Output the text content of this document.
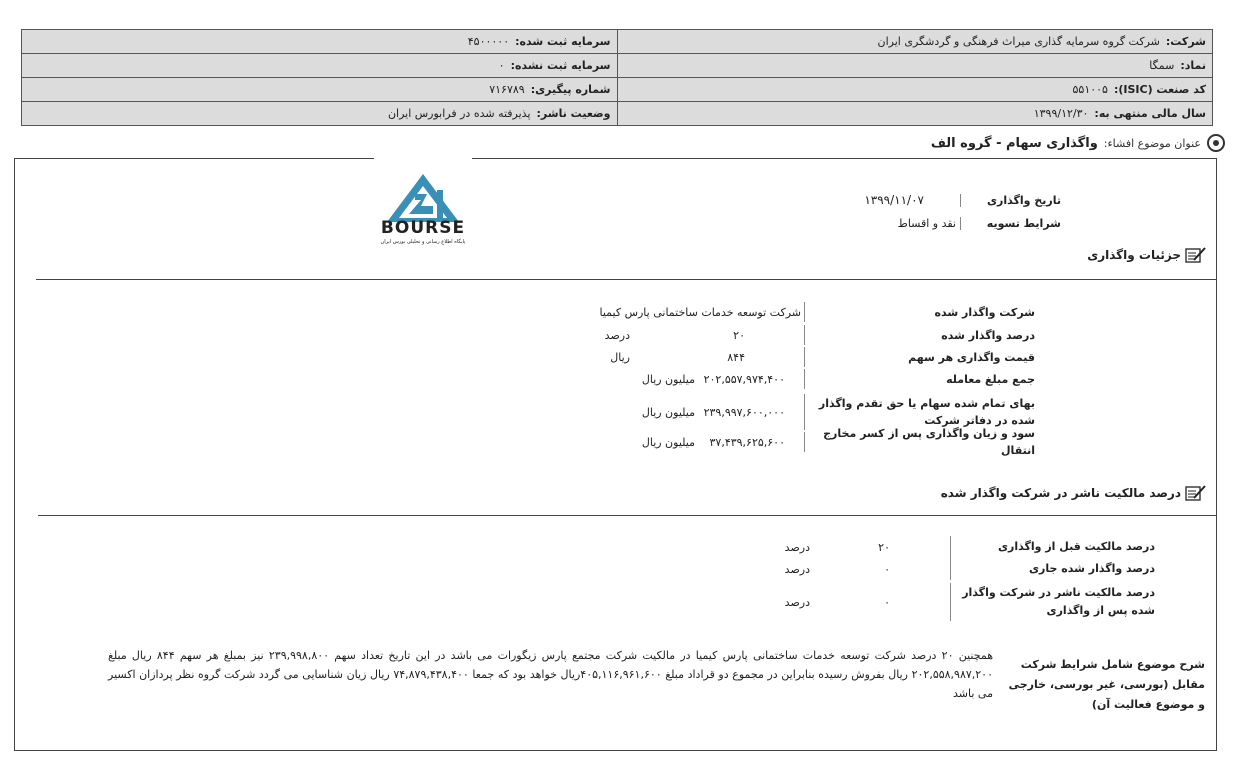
شرکت:
شرکت گروه سرمایه گذاری میراث فرهنگی و گردشگری ایران
سرمایه ثبت شده:
۴۵۰۰۰۰۰
نماد:
سمگا
سرمایه ثبت نشده:
۰
کد صنعت (ISIC):
۵۵۱۰۰۵
شماره پیگیری:
۷۱۶۷۸۹
سال مالی منتهی به:
۱۳۹۹/۱۲/۳۰
وضعیت ناشر:
پذیرفته شده در فرابورس ایران
عنوان موضوع افشاء:
واگذاری سهام - گروه الف
BOURSE
پایگاه اطلاع رسانی و تحلیلی بورس ایران
تاریخ واگذاری
۱۳۹۹/۱۱/۰۷
شرایط تسویه
نقد و اقساط
جزئیات واگذاری
شرکت واگذار شده
شرکت توسعه خدمات ساختمانی پارس کیمیا
درصد واگذار شده
۲۰
درصد
قیمت واگذاری هر سهم
۸۴۴
ریال
جمع مبلغ معامله
۲۰۲,۵۵۷,۹۷۴,۴۰۰
میلیون ریال
بهای تمام شده سهام یا حق تقدم واگذار شده در دفاتر شرکت
۲۳۹,۹۹۷,۶۰۰,۰۰۰
میلیون ریال
سود و زیان واگذاری پس از کسر مخارج انتقال
۳۷,۴۳۹,۶۲۵,۶۰۰
میلیون ریال
درصد مالکیت ناشر در شرکت واگذار شده
درصد مالکیت قبل از واگذاری
۲۰
درصد
درصد واگذار شده جاری
۰
درصد
درصد مالکیت ناشر در شرکت واگذار شده پس از واگذاری
۰
درصد
شرح موضوع شامل شرایط شرکت مقابل (بورسی، غیر بورسی، خارجی و موضوع فعالیت آن)
همچنین ۲۰ درصد شرکت توسعه خدمات ساختمانی پارس کیمیا در مالکیت شرکت مجتمع پارس زیگورات می باشد در این تاریخ تعداد سهم ۲۳۹,۹۹۸,۸۰۰ نیز بمبلغ هر سهم ۸۴۴ ریال مبلغ ۲۰۲,۵۵۸,۹۸۷,۲۰۰ ریال بفروش رسیده بنابراین در مجموع دو قراداد مبلغ ۴۰۵,۱۱۶,۹۶۱,۶۰۰ریال خواهد بود که جمعا ۷۴,۸۷۹,۴۳۸,۴۰۰ ریال زیان شناسایی می گردد شرکت گروه نظر پردازان اکسیر می باشد
